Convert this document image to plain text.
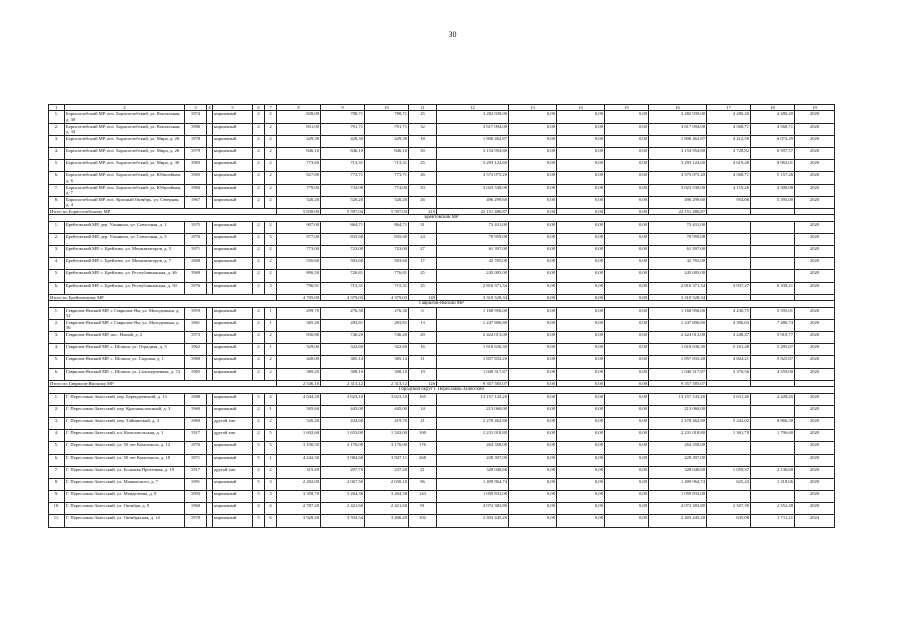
30
1	2	3	4	5	6	7	8	9	10	11	12	13	14	15	16	17	18	19
1.	Борисоглебский МР, пос. Борисоглебский, ул. Вокзальная, д. 30	1974		кирпичный	2	2	828,00	788,71	788,71	25	3 282 939,00	0,00	0,00	0,00	3 282 939,00	4 280,20	4 280,20	2020
2.	Борисоглебский МР, пос. Борисоглебский, ул. Вокзальная, д. 34	1986		кирпичный	2	2	831,00	791,71	791,71	32	3 617 094,00	0,00	0,00	0,00	3 617 094,00	4 568,71	4 568,71	2020
3.	Борисоглебский МР, пос. Борисоглебский, ул. Мира, д. 20	1978		кирпичный	2	2	429,30	429,30	429,30	18	1 808 462,87	0,00	0,00	0,00	1 808 462,87	4 212,59	6 073,29	2020
4.	Борисоглебский МР, пос. Борисоглебский, ул. Мира, д. 26	1979		кирпичный	2	2	846,10	846,10	846,10	30	3 154 954,80	0,00	0,00	0,00	3 154 954,80	3 728,82	6 597,57	2020
5.	Борисоглебский МР, пос. Борисоглебский, ул. Мира, д. 30	1983		кирпичный	2	2	773,60	713,31	713,31	25	3 293 124,60	0,00	0,00	0,00	3 293 124,60	4 619,48	8 063,01	2020
6.	Борисоглебский МР, пос. Борисоглебский, ул. Юбилейная, д. 6	1983		кирпичный	2	2	827,80	773,71	773,71	26	3 573 075,20	0,00	0,00	0,00	3 573 075,20	4 568,71	5 157,26	2020
7.	Борисоглебский МР, пос. Борисоглебский, ул. Юбилейная, д. 7	1984		кирпичный	2	2	779,00	734,00	774,00	33	3 023 538,00	0,00	0,00	0,00	3 023 538,00	4 119,26	4 300,08	2020
8.	Борисоглебский МР, пос. Красный Октябрь, ул. Северная, д. 4	1967		кирпичный	2	2	520,20	520,20	520,20	26	496 299,60	0,00	0,00	0,00	496 299,60	954,06	5 395,00	2020
Итого по Борисоглебскому МР							5 838,00	5 597,04	5 597,04	215	22 151 486,87	0,00	0,00	0,00	22 151 486,87			
Брейтовский МР																		
1.	Брейтовский МР, дер. Ульяниха, ул. Совхозная, д. 1	1975		кирпичный	2	2	907,00	864,71	864,71	31	73 431,00	0,00	0,00	0,00	73 431,00			2020
2.	Брейтовский МР, дер. Ульяниха, ул. Совхозная, д. 3	1976		кирпичный	2	3	877,00	835,60	835,60	24	70 959,08	0,00	0,00	0,00	70 959,08			2020
3.	Брейтовский МР, с. Брейтово, ул. Механизаторов, д. 5	1971		кирпичный	2	2	773,00	723,00	723,00	27	61 397,00	0,00	0,00	0,00	61 397,00			2020
4.	Брейтовский МР, с. Брейтово, ул. Механизаторов, д. 7	1968		кирпичный	2	2	550,60	503,60	503,60	17	42 765,00	0,00	0,00	0,00	42 765,00			2020
5.	Брейтовский МР, с. Брейтово, ул. Республиканская, д. 46	1969		кирпичный	2	2	806,50	726,81	776,81	25	245 005,00	0,00	0,00	0,00	245 005,00			2020
6.	Брейтовский МР, с. Брейтово, ул. Республиканская, д. 50	1976		кирпичный	2	3	796,91	715,31	715,31	25	2 816 371,34	0,00	0,00	0,00	2 816 371,34	3 937,27	6 339,21	2020
Итого по Брейтовскому МР							4 705,00	4 379,03	4 379,03	149	3 310 528,34	0,00	0,00	0,00	3 310 528,34			
Гаврилов-Ямский МР																		
1.	Гаврилов-Ямский МР, г. Гаврилов-Ям, ул. Молодежная, д. 52	1959		кирпичный	2	1	299,70	276,30	276,30	6	1 168 956,00	0,00	0,00	0,00	1 168 956,00	4 230,75	5 595,01	2020
2.	Гаврилов-Ямский МР, г. Гаврилов-Ям, ул. Молодежная, д. 56	1961		кирпичный	2	1	305,40	283,81	283,81	13	1 247 806,80	0,00	0,00	0,00	1 247 806,80	4 396,63	7 486,74	2020
3.	Гаврилов-Ямский МР, пос. Новый, д. 2	1973		кирпичный	2	2	830,80	746,20	746,20	29	2 424 013,00	0,00	0,00	0,00	2 424 013,00	3 248,47	5 910,77	2020
4.	Гаврилов-Ямский МР, с. Шопша, ул. Отрадная, д. 5	1962		кирпичный	2	1	329,00	322,60	322,60	16	1 618 636,30	0,00	0,00	0,00	1 618 636,30	5 161,48	5 295,67	2020
5.	Гаврилов-Ямский МР, с. Шопша, ул. Садовая, д. 1	1969		кирпичный	2	2	428,00	385,14	385,14	11	1 857 833,20	0,00	0,00	0,00	1 857 833,20	4 824,21	5 825,87	2020
6.	Гаврилов-Ямский МР, с. Шопша, ул. Сохноуриевкая, д. 74	1965		кирпичный	2	2	369,20	308,10	308,10	19	1 040 317,87	0,00	0,00	0,00	1 040 317,87	3 376,56	4 559,00	2020
Итого по Гаврилов-Ямскому МР							2 546,10	2 313,12	2 313,12	126	9 357 585,07	0,00	0,00	0,00	9 357 585,07			
Городской округ г. Переславль-Залесский																		
1.	Г. Переславль-Залесский, пер. Берендеевский, д. 13	1988		кирпичный	5	4	4 044,20	3 623,10	3 623,10	165	13 157 143,20	0,00	0,00	0,00	13 157 143,20	3 631,46	4 428,45	2020
2.	Г. Переславль-Залесский, пер. Красноколхозный, д. 3	1960		кирпичный	2	1	505,60	445,00	445,00	14	213 060,00	0,00	0,00	0,00	213 060,00			2020
3.	Г. Переславль-Залесский, пер. Тайнинский, д. 3	1969		другой тип	2	2	526,20	434,60	419,70	21	2 278 462,80	0,00	0,00	0,00	2 278 462,80	5 242,02	8 866,30	2020
4.	Г. Переславль-Залесский, пл. Комсомольская, д. 1	1917		другой тип	2	5	1 692,60	1 653,00	1 343,00	100	2 231 018,80	0,00	0,00	0,00	2 231 018,80	1 361,78	1 796,60	2020
5.	Г. Переславль-Залесский, ул. 50 лет Комсомола, д. 12	1976		кирпичный	5	3	3 190,50	3 176,00	3 176,00	176	264 358,00	0,00	0,00	0,00	264 358,00			2020
6.	Г. Переславль-Залесский, ул. 50 лет Комсомола, д. 18	1971		кирпичный	5	1	4 242,30	3 984,60	3 927,11	268	228 397,00	0,00	0,00	0,00	228 397,00			2020
7.	Г. Переславль-Залесский, ул. Большая Протечная, д. 19	1917		другой тип	2	2	319,49	297,70	237,20	21	328 040,60	0,00	0,00	0,00	328 040,60	1 059,37	2 136,60	2020
8.	Г. Переславль-Залесский, ул. Маяковского, д. 7	1991		кирпичный	5	3	2 202,00	2 067,50	2 030,10	96	1 409 964,74	0,00	0,00	0,00	1 409 964,74	625,43	1 318,06	2020
9.	Г. Переславль-Залесский, ул. Менделеева, д. 9	1993		кирпичный	5	3	3 358,70	3 264,30	3 264,30	143	1 059 833,00	0,00	0,00	0,00	1 059 833,00			2020
10.	Г. Переславль-Залесский, ул. Октября, д. 9	1960		кирпичный	4	4	2 787,20	2 421,60	2 421,60	91	4 072 383,80	0,00	0,00	0,00	4 072 383,80	2 507,39	2 552,48	2020
11.	Г. Переславль-Залесский, ул. Октябрьская, д. 14	1978		кирпичный	5	6	3 928,40	3 594,54	3 406,20	102	2 403 445,20	0,00	0,00	0,00	2 403 445,20	635,08	1 711,21	2024
